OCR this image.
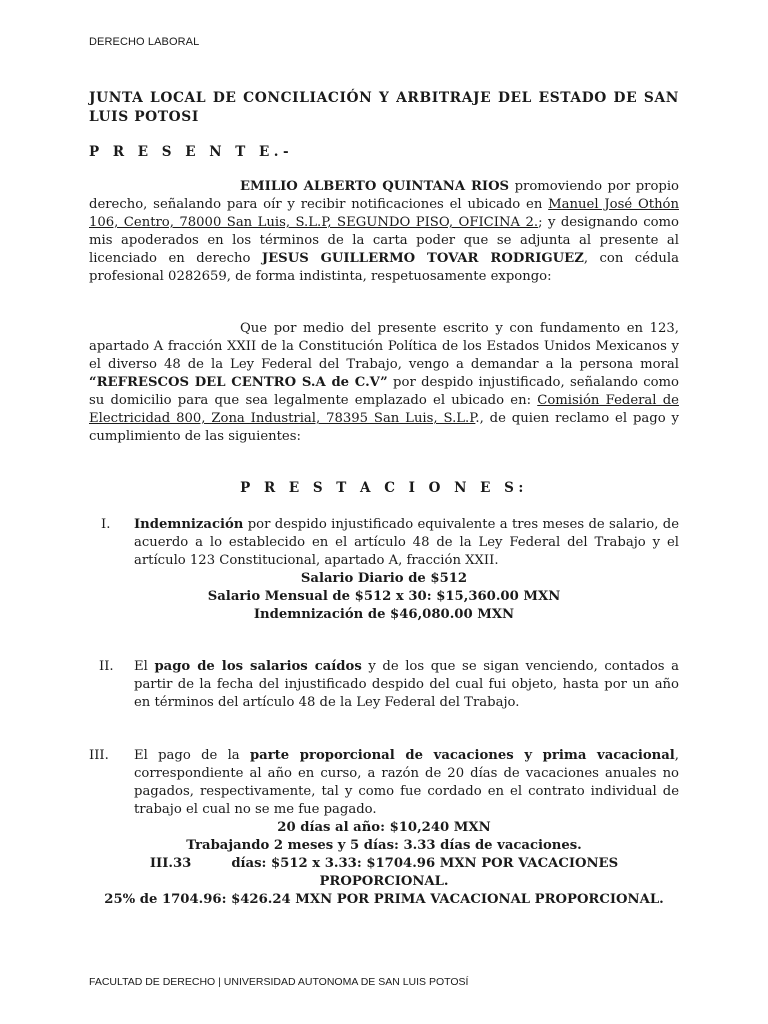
DERECHO LABORAL
JUNTA LOCAL DE CONCILIACIÓN Y ARBITRAJE DEL ESTADO DE SAN LUIS POTOSI
P R E S E N T E.-
EMILIO ALBERTO QUINTANA RIOS promoviendo por propio derecho, señalando para oír y recibir notificaciones el ubicado en Manuel José Othón 106, Centro, 78000 San Luis, S.L.P, SEGUNDO PISO, OFICINA 2.; y designando como mis apoderados en los términos de la carta poder que se adjunta al presente al licenciado en derecho JESUS GUILLERMO TOVAR RODRIGUEZ, con cédula profesional 0282659, de forma indistinta, respetuosamente expongo:
Que por medio del presente escrito y con fundamento en 123, apartado A fracción XXII de la Constitución Política de los Estados Unidos Mexicanos y el diverso 48 de la Ley Federal del Trabajo, vengo a demandar a la persona moral “REFRESCOS DEL CENTRO S.A de C.V” por despido injustificado, señalando como su domicilio para que sea legalmente emplazado el ubicado en: Comisión Federal de Electricidad 800, Zona Industrial, 78395 San Luis, S.L.P., de quien reclamo el pago y cumplimiento de las siguientes:
P R E S T A C I O N E S:
I.	Indemnización por despido injustificado equivalente a tres meses de salario, de acuerdo a lo establecido en el artículo 48 de la Ley Federal del Trabajo y el artículo 123 Constitucional, apartado A, fracción XXII.
Salario Diario de $512
Salario Mensual de $512 x 30: $15,360.00 MXN
Indemnización de $46,080.00 MXN
II.	El pago de los salarios caídos y de los que se sigan venciendo, contados a partir de la fecha del injustificado despido del cual fui objeto, hasta por un año en términos del artículo 48 de la Ley Federal del Trabajo.
III.	El pago de la parte proporcional de vacaciones y prima vacacional, correspondiente al año en curso, a razón de 20 días de vacaciones anuales no pagados, respectivamente, tal y como fue cordado en el contrato individual de trabajo el cual no se me fue pagado.
20 días al año: $10,240 MXN
Trabajando 2 meses y 5 días: 3.33 días de vacaciones.
III.33	días: $512 x 3.33: $1704.96 MXN POR VACACIONES PROPORCIONAL.
25% de 1704.96: $426.24 MXN POR PRIMA VACACIONAL PROPORCIONAL.
FACULTAD DE DERECHO | UNIVERSIDAD AUTONOMA DE SAN LUIS POTOSÍ
